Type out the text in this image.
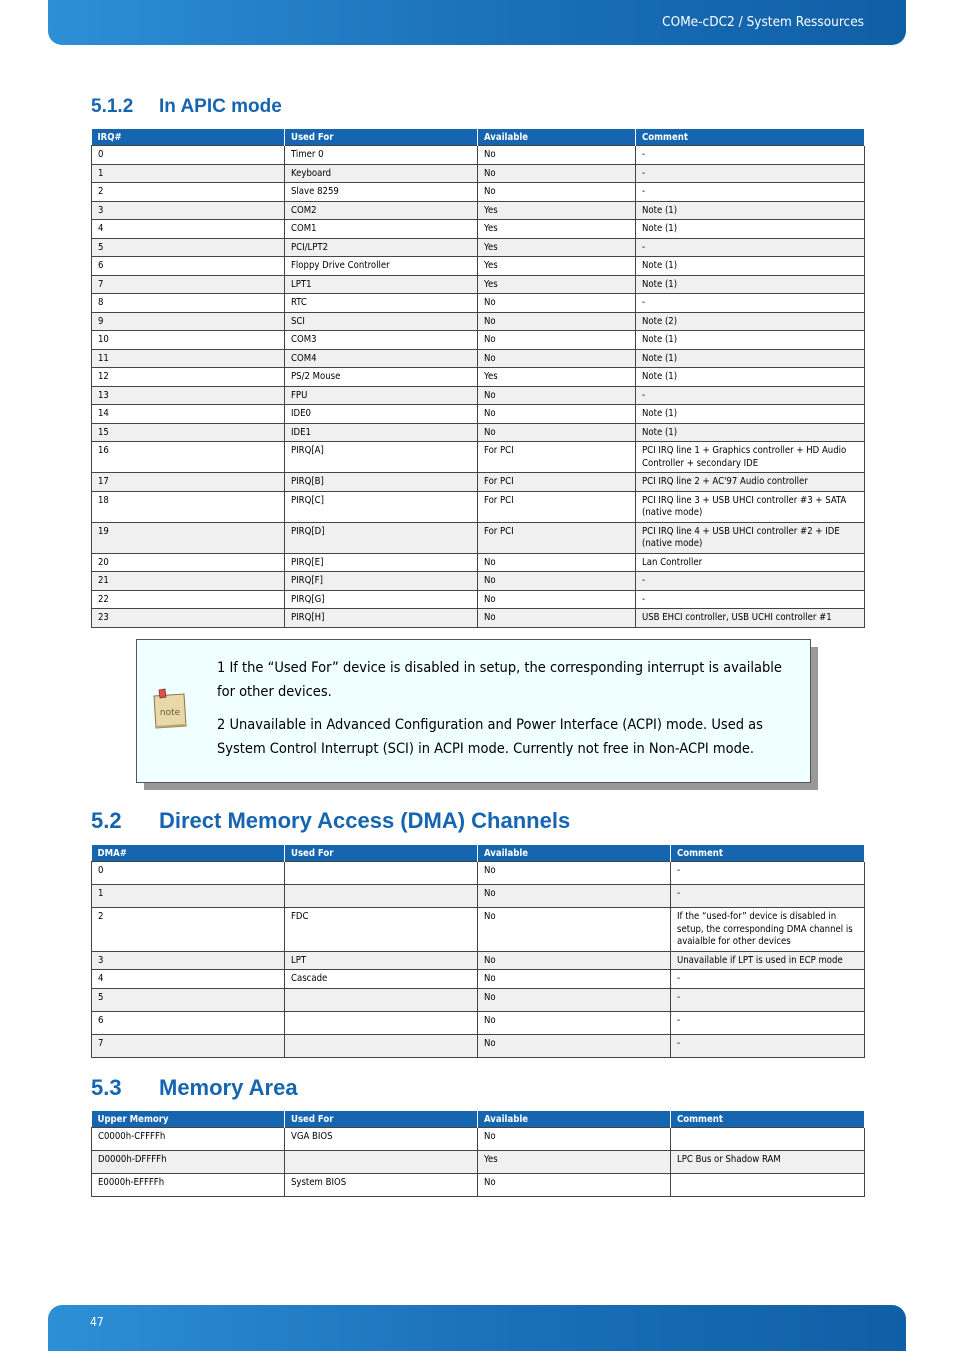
COMe-cDC2 / System Ressources
5.1.2 In APIC mode
IRQ#	Used For	Available	Comment
0	Timer 0	No	-
1	Keyboard	No	-
2	Slave 8259	No	-
3	COM2	Yes	Note (1)
4	COM1	Yes	Note (1)
5	PCI/LPT2	Yes	-
6	Floppy Drive Controller	Yes	Note (1)
7	LPT1	Yes	Note (1)
8	RTC	No	-
9	SCI	No	Note (2)
10	COM3	No	Note (1)
11	COM4	No	Note (1)
12	PS/2 Mouse	Yes	Note (1)
13	FPU	No	-
14	IDE0	No	Note (1)
15	IDE1	No	Note (1)
16	PIRQ[A]	For PCI	PCI IRQ line 1 + Graphics controller + HD Audio Controller + secondary IDE
17	PIRQ[B]	For PCI	PCI IRQ line 2 + AC'97 Audio controller
18	PIRQ[C]	For PCI	PCI IRQ line 3 + USB UHCI controller #3 + SATA (native mode)
19	PIRQ[D]	For PCI	PCI IRQ line 4 + USB UHCI controller #2 + IDE (native mode)
20	PIRQ[E]	No	Lan Controller
21	PIRQ[F]	No	-
22	PIRQ[G]	No	-
23	PIRQ[H]	No	USB EHCI controller, USB UCHI controller #1
note

1 If the “Used For” device is disabled in setup, the corresponding interrupt is available for other devices.

2 Unavailable in Advanced Configuration and Power Interface (ACPI) mode. Used as System Control Interrupt (SCI) in ACPI mode. Currently not free in Non-ACPI mode.

5.2 Direct Memory Access (DMA) Channels
DMA#	Used For	Available	Comment
0		No	-
1		No	-
2	FDC	No	If the “used-for” device is disabled in setup, the corresponding DMA channel is avaialble for other devices
3	LPT	No	Unavailable if LPT is used in ECP mode
4	Cascade	No	-
5		No	-
6		No	-
7		No	-
5.3 Memory Area
Upper Memory	Used For	Available	Comment
C0000h-CFFFFh	VGA BIOS	No	
D0000h-DFFFFh		Yes	LPC Bus or Shadow RAM
E0000h-EFFFFh	System BIOS	No	
47
